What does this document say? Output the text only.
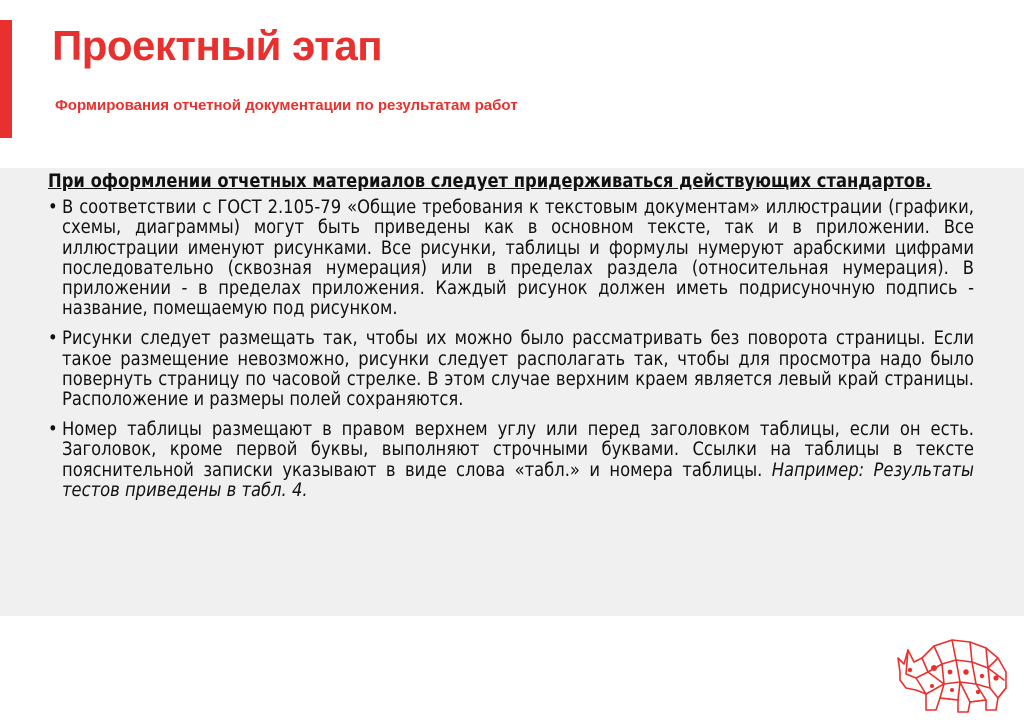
Проектный этап

Формирования отчетной документации по результатам работ

При оформлении отчетных материалов следует придерживаться действующих стандартов.

• В соответствии с ГОСТ 2.105-79 «Общие требования к текстовым документам» иллюстрации (графики, схемы, диаграммы) могут быть приведены как в основном тексте, так и в приложении. Все иллюстрации именуют рисунками. Все рисунки, таблицы и формулы нумеруют арабскими цифрами последовательно (сквозная нумерация) или в пределах раздела (относительная нумерация). В приложении - в пределах приложения. Каждый рисунок должен иметь подрисуночную подпись - название, помещаемую под рисунком.
• Рисунки следует размещать так, чтобы их можно было рассматривать без поворота страницы. Если такое размещение невозможно, рисунки следует располагать так, чтобы для просмотра надо было повернуть страницу по часовой стрелке. В этом случае верхним краем является левый край страницы. Расположение и размеры полей сохраняются.
• Номер таблицы размещают в правом верхнем углу или перед заголовком таблицы, если он есть. Заголовок, кроме первой буквы, выполняют строчными буквами. Ссылки на таблицы в тексте пояснительной записки указывают в виде слова «табл.» и номера таблицы. Например: Результаты тестов приведены в табл. 4.
